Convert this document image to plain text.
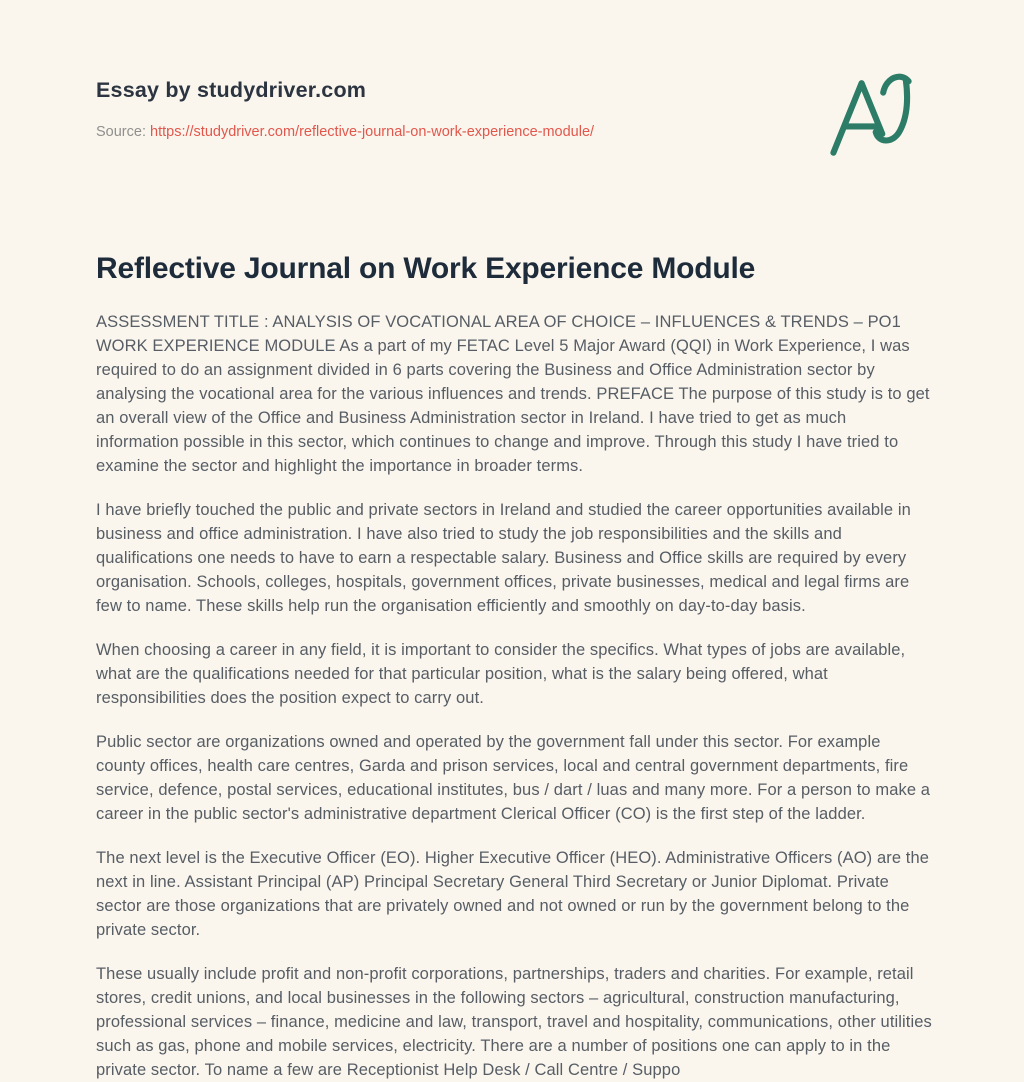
Essay by studydriver.com
Source: https://studydriver.com/reflective-journal-on-work-experience-module/
Reflective Journal on Work Experience Module

ASSESSMENT TITLE : ANALYSIS OF VOCATIONAL AREA OF CHOICE – INFLUENCES & TRENDS – PO1 WORK EXPERIENCE MODULE As a part of my FETAC Level 5 Major Award (QQI) in Work Experience, I was required to do an assignment divided in 6 parts covering the Business and Office Administration sector by analysing the vocational area for the various influences and trends. PREFACE The purpose of this study is to get an overall view of the Office and Business Administration sector in Ireland. I have tried to get as much information possible in this sector, which continues to change and improve. Through this study I have tried to examine the sector and highlight the importance in broader terms.

I have briefly touched the public and private sectors in Ireland and studied the career opportunities available in business and office administration. I have also tried to study the job responsibilities and the skills and qualifications one needs to have to earn a respectable salary. Business and Office skills are required by every organisation. Schools, colleges, hospitals, government offices, private businesses, medical and legal firms are few to name. These skills help run the organisation efficiently and smoothly on day-to-day basis.

When choosing a career in any field, it is important to consider the specifics. What types of jobs are available, what are the qualifications needed for that particular position, what is the salary being offered, what responsibilities does the position expect to carry out.

Public sector are organizations owned and operated by the government fall under this sector. For example county offices, health care centres, Garda and prison services, local and central government departments, fire service, defence, postal services, educational institutes, bus / dart / luas and many more. For a person to make a career in the public sector's administrative department Clerical Officer (CO) is the first step of the ladder.

The next level is the Executive Officer (EO). Higher Executive Officer (HEO). Administrative Officers (AO) are the next in line. Assistant Principal (AP) Principal Secretary General Third Secretary or Junior Diplomat. Private sector are those organizations that are privately owned and not owned or run by the government belong to the private sector.

These usually include profit and non-profit corporations, partnerships, traders and charities. For example, retail stores, credit unions, and local businesses in the following sectors – agricultural, construction manufacturing, professional services – finance, medicine and law, transport, travel and hospitality, communications, other utilities such as gas, phone and mobile services, electricity. There are a number of positions one can apply to in the private sector. To name a few are Receptionist Help Desk / Call Centre / Suppo
